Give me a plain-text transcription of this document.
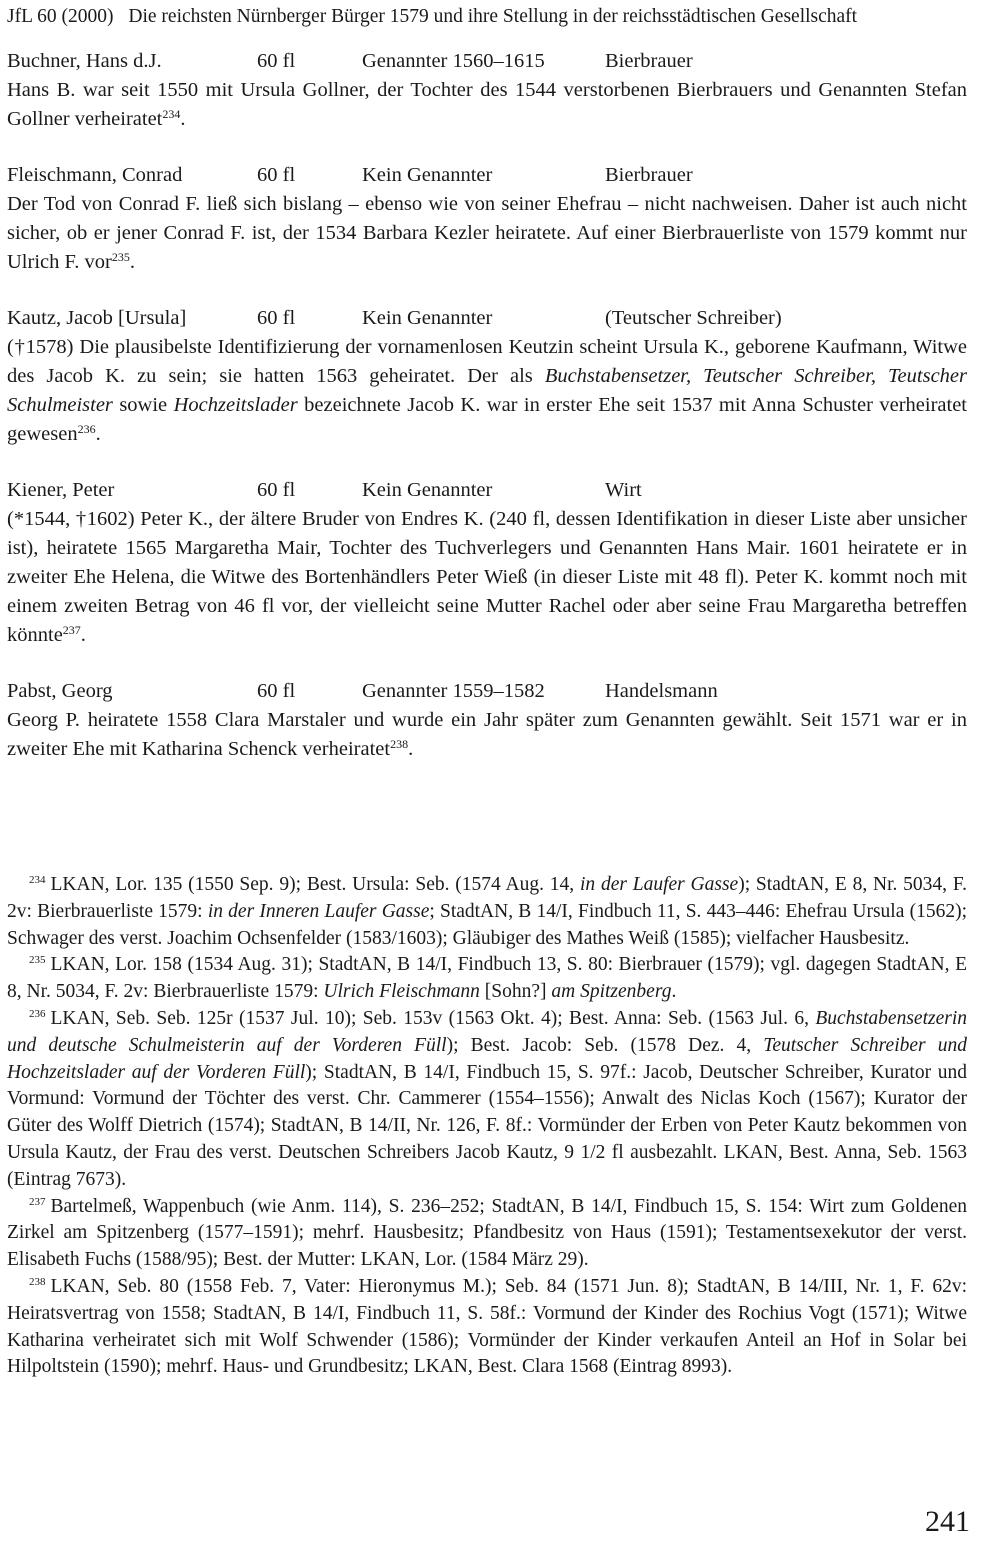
JfL 60 (2000) Die reichsten Nürnberger Bürger 1579 und ihre Stellung in der reichsstädtischen Gesellschaft
Buchner, Hans d.J.	60 fl	Genannter 1560–1615	Bierbrauer
Hans B. war seit 1550 mit Ursula Gollner, der Tochter des 1544 verstorbenen Bierbrauers und Genannten Stefan Gollner verheiratet$^{234}$.
Fleischmann, Conrad	60 fl	Kein Genannter	Bierbrauer
Der Tod von Conrad F. ließ sich bislang – ebenso wie von seiner Ehefrau – nicht nachweisen. Daher ist auch nicht sicher, ob er jener Conrad F. ist, der 1534 Barbara Kezler heiratete. Auf einer Bierbrauerliste von 1579 kommt nur Ulrich F. vor$^{235}$.
Kautz, Jacob [Ursula]	60 fl	Kein Genannter	(Teutscher Schreiber)
(†1578) Die plausibelste Identifizierung der vornamenlosen Keutzin scheint Ursula K., geborene Kaufmann, Witwe des Jacob K. zu sein; sie hatten 1563 geheiratet. Der als Buchstabensetzer, Teutscher Schreiber, Teutscher Schulmeister sowie Hochzeitslader bezeichnete Jacob K. war in erster Ehe seit 1537 mit Anna Schuster verheiratet gewesen$^{236}$.
Kiener, Peter	60 fl	Kein Genannter	Wirt
(*1544, †1602) Peter K., der ältere Bruder von Endres K. (240 fl, dessen Identifikation in dieser Liste aber unsicher ist), heiratete 1565 Margaretha Mair, Tochter des Tuchverlegers und Genannten Hans Mair. 1601 heiratete er in zweiter Ehe Helena, die Witwe des Bortenhändlers Peter Wieß (in dieser Liste mit 48 fl). Peter K. kommt noch mit einem zweiten Betrag von 46 fl vor, der vielleicht seine Mutter Rachel oder aber seine Frau Margaretha betreffen könnte$^{237}$.
Pabst, Georg	60 fl	Genannter 1559–1582	Handelsmann
Georg P. heiratete 1558 Clara Marstaler und wurde ein Jahr später zum Genannten gewählt. Seit 1571 war er in zweiter Ehe mit Katharina Schenck verheiratet$^{238}$.
$^{234}$ LKAN, Lor. 135 (1550 Sep. 9); Best. Ursula: Seb. (1574 Aug. 14, in der Laufer Gasse); StadtAN, E 8, Nr. 5034, F. 2v: Bierbrauerliste 1579: in der Inneren Laufer Gasse; StadtAN, B 14/I, Findbuch 11, S. 443–446: Ehefrau Ursula (1562); Schwager des verst. Joachim Ochsenfelder (1583/1603); Gläubiger des Mathes Weiß (1585); vielfacher Hausbesitz.
$^{235}$ LKAN, Lor. 158 (1534 Aug. 31); StadtAN, B 14/I, Findbuch 13, S. 80: Bierbrauer (1579); vgl. dagegen StadtAN, E 8, Nr. 5034, F. 2v: Bierbrauerliste 1579: Ulrich Fleischmann [Sohn?] am Spitzenberg.
$^{236}$ LKAN, Seb. Seb. 125r (1537 Jul. 10); Seb. 153v (1563 Okt. 4); Best. Anna: Seb. (1563 Jul. 6, Buchstabensetzerin und deutsche Schulmeisterin auf der Vorderen Füll); Best. Jacob: Seb. (1578 Dez. 4, Teutscher Schreiber und Hochzeitslader auf der Vorderen Füll); StadtAN, B 14/I, Findbuch 15, S. 97f.: Jacob, Deutscher Schreiber, Kurator und Vormund: Vormund der Töchter des verst. Chr. Cammerer (1554–1556); Anwalt des Niclas Koch (1567); Kurator der Güter des Wolff Dietrich (1574); StadtAN, B 14/II, Nr. 126, F. 8f.: Vormünder der Erben von Peter Kautz bekommen von Ursula Kautz, der Frau des verst. Deutschen Schreibers Jacob Kautz, 9 1/2 fl ausbezahlt. LKAN, Best. Anna, Seb. 1563 (Eintrag 7673).
$^{237}$ Bartelmeß, Wappenbuch (wie Anm. 114), S. 236–252; StadtAN, B 14/I, Findbuch 15, S. 154: Wirt zum Goldenen Zirkel am Spitzenberg (1577–1591); mehrf. Hausbesitz; Pfandbesitz von Haus (1591); Testamentsexekutor der verst. Elisabeth Fuchs (1588/95); Best. der Mutter: LKAN, Lor. (1584 März 29).
$^{238}$ LKAN, Seb. 80 (1558 Feb. 7, Vater: Hieronymus M.); Seb. 84 (1571 Jun. 8); StadtAN, B 14/III, Nr. 1, F. 62v: Heiratsvertrag von 1558; StadtAN, B 14/I, Findbuch 11, S. 58f.: Vormund der Kinder des Rochius Vogt (1571); Witwe Katharina verheiratet sich mit Wolf Schwender (1586); Vormünder der Kinder verkaufen Anteil an Hof in Solar bei Hilpoltstein (1590); mehrf. Haus- und Grundbesitz; LKAN, Best. Clara 1568 (Eintrag 8993).
241
